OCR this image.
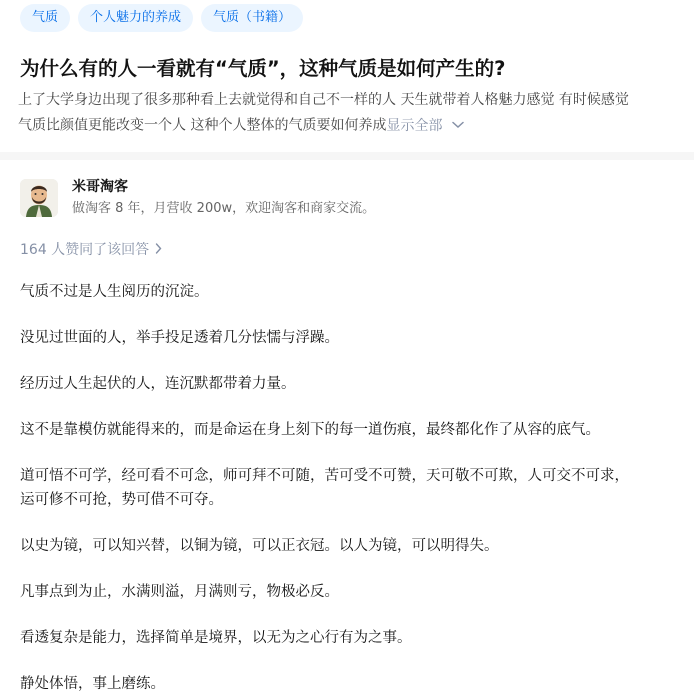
气质	个人魅力的养成	气质（书籍）
为什么有的人一看就有“气质”，这种气质是如何产生的?
上了大学身边出现了很多那种看上去就觉得和自己不一样的人 天生就带着人格魅力感觉 有时候感觉
气质比颜值更能改变一个人 这种个人整体的气质要如何养成显示全部
米哥淘客
做淘客 8 年，月营收 200w，欢迎淘客和商家交流。
164 人赞同了该回答

气质不过是人生阅历的沉淀。

没见过世面的人，举手投足透着几分怯懦与浮躁。

经历过人生起伏的人，连沉默都带着力量。

这不是靠模仿就能得来的，而是命运在身上刻下的每一道伤痕，最终都化作了从容的底气。

道可悟不可学，经可看不可念，师可拜不可随，苦可受不可赞，天可敬不可欺，人可交不可求，

运可修不可抢，势可借不可夺。

以史为镜，可以知兴替，以铜为镜，可以正衣冠。以人为镜，可以明得失。

凡事点到为止，水满则溢，月满则亏，物极必反。

看透复杂是能力，选择简单是境界，以无为之心行有为之事。

静处体悟，事上磨练。
